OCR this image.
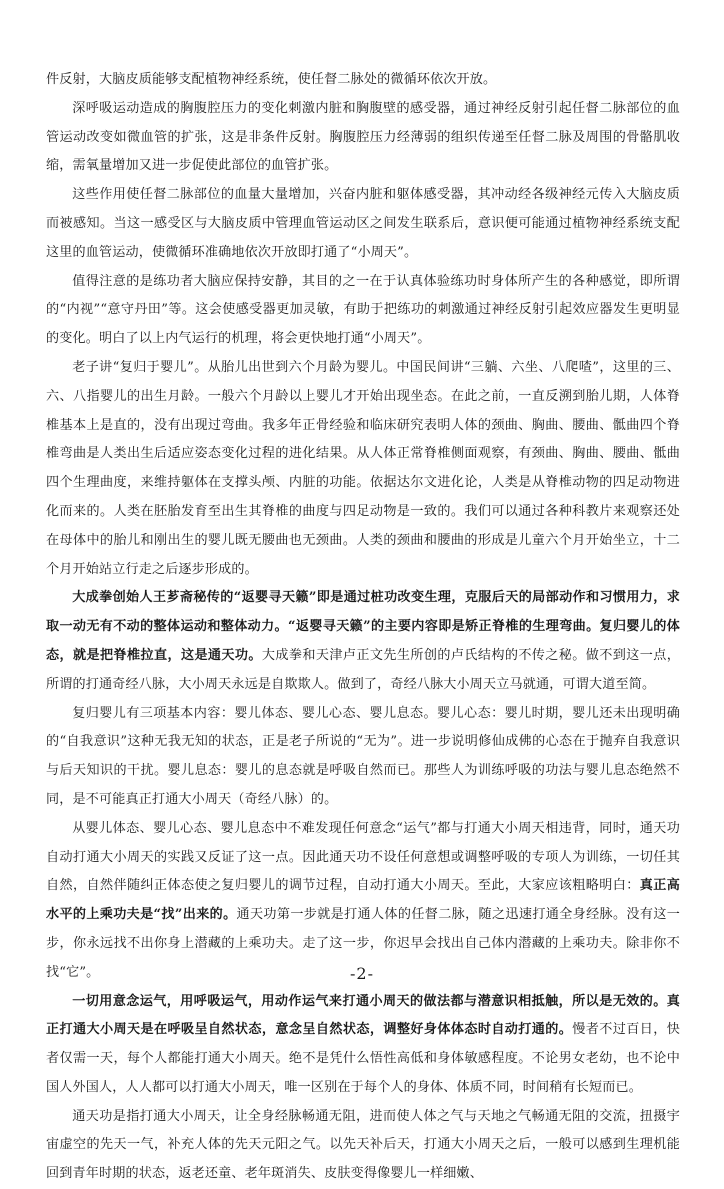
件反射，大脑皮质能够支配植物神经系统，使任督二脉处的微循环依次开放。

深呼吸运动造成的胸腹腔压力的变化刺激内脏和胸腹壁的感受器，通过神经反射引起任督二脉部位的血管运动改变如微血管的扩张，这是非条件反射。胸腹腔压力经薄弱的组织传递至任督二脉及周围的骨骼肌收缩，需氧量增加又进一步促使此部位的血管扩张。

这些作用使任督二脉部位的血量大量增加，兴奋内脏和躯体感受器，其冲动经各级神经元传入大脑皮质而被感知。当这一感受区与大脑皮质中管理血管运动区之间发生联系后，意识便可能通过植物神经系统支配这里的血管运动，使微循环准确地依次开放即打通了“小周天”。

值得注意的是练功者大脑应保持安静，其目的之一在于认真体验练功时身体所产生的各种感觉，即所谓的“内视”“意守丹田”等。这会使感受器更加灵敏，有助于把练功的刺激通过神经反射引起效应器发生更明显的变化。明白了以上内气运行的机理，将会更快地打通“小周天”。

老子讲“复归于婴儿”。从胎儿出世到六个月龄为婴儿。中国民间讲“三躺、六坐、八爬喳”，这里的三、六、八指婴儿的出生月龄。一般六个月龄以上婴儿才开始出现坐态。在此之前，一直反溯到胎儿期，人体脊椎基本上是直的，没有出现过弯曲。我多年正骨经验和临床研究表明人体的颈曲、胸曲、腰曲、骶曲四个脊椎弯曲是人类出生后适应姿态变化过程的进化结果。从人体正常脊椎侧面观察，有颈曲、胸曲、腰曲、骶曲四个生理曲度，来维持躯体在支撑头颅、内脏的功能。依据达尔文进化论，人类是从脊椎动物的四足动物进化而来的。人类在胚胎发育至出生其脊椎的曲度与四足动物是一致的。我们可以通过各种科教片来观察还处在母体中的胎儿和刚出生的婴儿既无腰曲也无颈曲。人类的颈曲和腰曲的形成是儿童六个月开始坐立，十二个月开始站立行走之后逐步形成的。

大成拳创始人王芗斋秘传的“返婴寻天籁”即是通过桩功改变生理，克服后天的局部动作和习惯用力，求取一动无有不动的整体运动和整体动力。“返婴寻天籁”的主要内容即是矫正脊椎的生理弯曲。复归婴儿的体态，就是把脊椎拉直，这是通天功。大成拳和天津卢正文先生所创的卢氏结构的不传之秘。做不到这一点，所谓的打通奇经八脉，大小周天永远是自欺欺人。做到了，奇经八脉大小周天立马就通，可谓大道至简。

复归婴儿有三项基本内容：婴儿体态、婴儿心态、婴儿息态。婴儿心态：婴儿时期，婴儿还未出现明确的“自我意识”这种无我无知的状态，正是老子所说的“无为”。进一步说明修仙成佛的心态在于抛弃自我意识与后天知识的干扰。婴儿息态：婴儿的息态就是呼吸自然而已。那些人为训练呼吸的功法与婴儿息态绝然不同，是不可能真正打通大小周天（奇经八脉）的。

从婴儿体态、婴儿心态、婴儿息态中不难发现任何意念“运气”都与打通大小周天相违背，同时，通天功自动打通大小周天的实践又反证了这一点。因此通天功不设任何意想或调整呼吸的专项人为训练，一切任其自然，自然伴随纠正体态使之复归婴儿的调节过程，自动打通大小周天。至此，大家应该粗略明白：真正高水平的上乘功夫是“找”出来的。通天功第一步就是打通人体的任督二脉，随之迅速打通全身经脉。没有这一步，你永远找不出你身上潜藏的上乘功夫。走了这一步，你迟早会找出自己体内潜藏的上乘功夫。除非你不找“它”。

一切用意念运气，用呼吸运气，用动作运气来打通小周天的做法都与潜意识相抵触，所以是无效的。真正打通大小周天是在呼吸呈自然状态，意念呈自然状态，调整好身体体态时自动打通的。慢者不过百日，快者仅需一天，每个人都能打通大小周天。绝不是凭什么悟性高低和身体敏感程度。不论男女老幼，也不论中国人外国人，人人都可以打通大小周天，唯一区别在于每个人的身体、体质不同，时间稍有长短而已。

通天功是指打通大小周天，让全身经脉畅通无阻，进而使人体之气与天地之气畅通无阻的交流，扭摄宇宙虚空的先天一气，补充人体的先天元阳之气。以先天补后天，打通大小周天之后，一般可以感到生理机能回到青年时期的状态，返老还童、老年斑消失、皮肤变得像婴儿一样细嫩、

-2-
